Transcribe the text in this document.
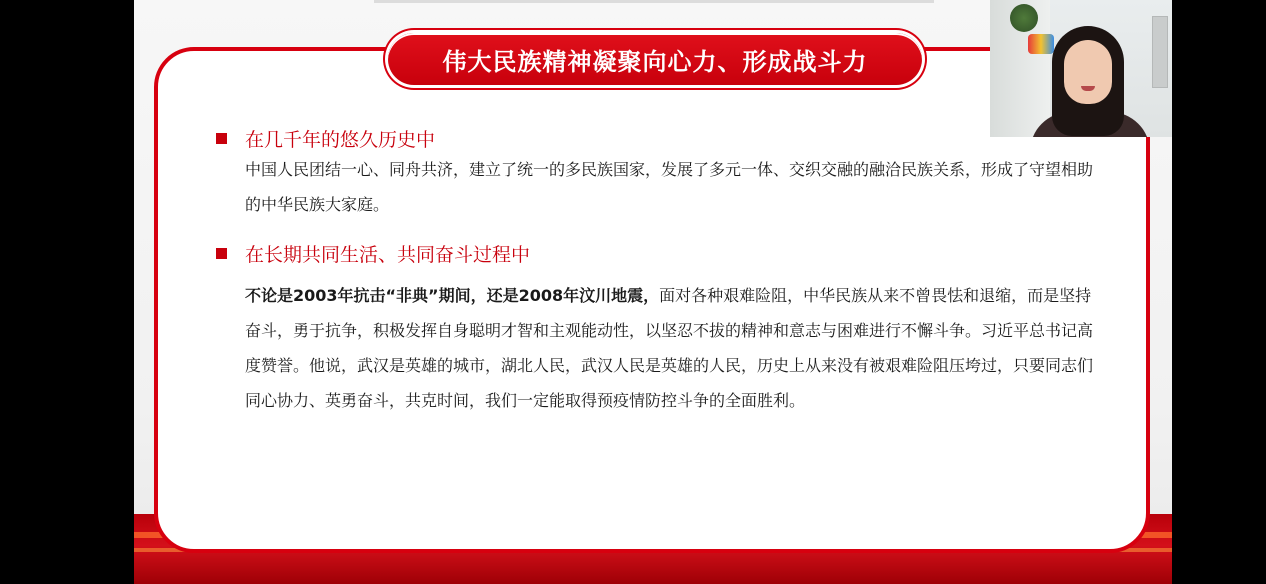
伟大民族精神凝聚向心力、形成战斗力
在几千年的悠久历史中
中国人民团结一心、同舟共济，建立了统一的多民族国家，发展了多元一体、交织交融的融洽民族关系，形成了守望相助的中华民族大家庭。
在长期共同生活、共同奋斗过程中
不论是2003年抗击“非典”期间，还是2008年汶川地震，面对各种艰难险阻，中华民族从来不曾畏怯和退缩，而是坚持奋斗，勇于抗争，积极发挥自身聪明才智和主观能动性，以坚忍不拔的精神和意志与困难进行不懈斗争。习近平总书记高度赞誉。他说，武汉是英雄的城市，湖北人民，武汉人民是英雄的人民，历史上从来没有被艰难险阻压垮过，只要同志们同心协力、英勇奋斗，共克时间，我们一定能取得预疫情防控斗争的全面胜利。
